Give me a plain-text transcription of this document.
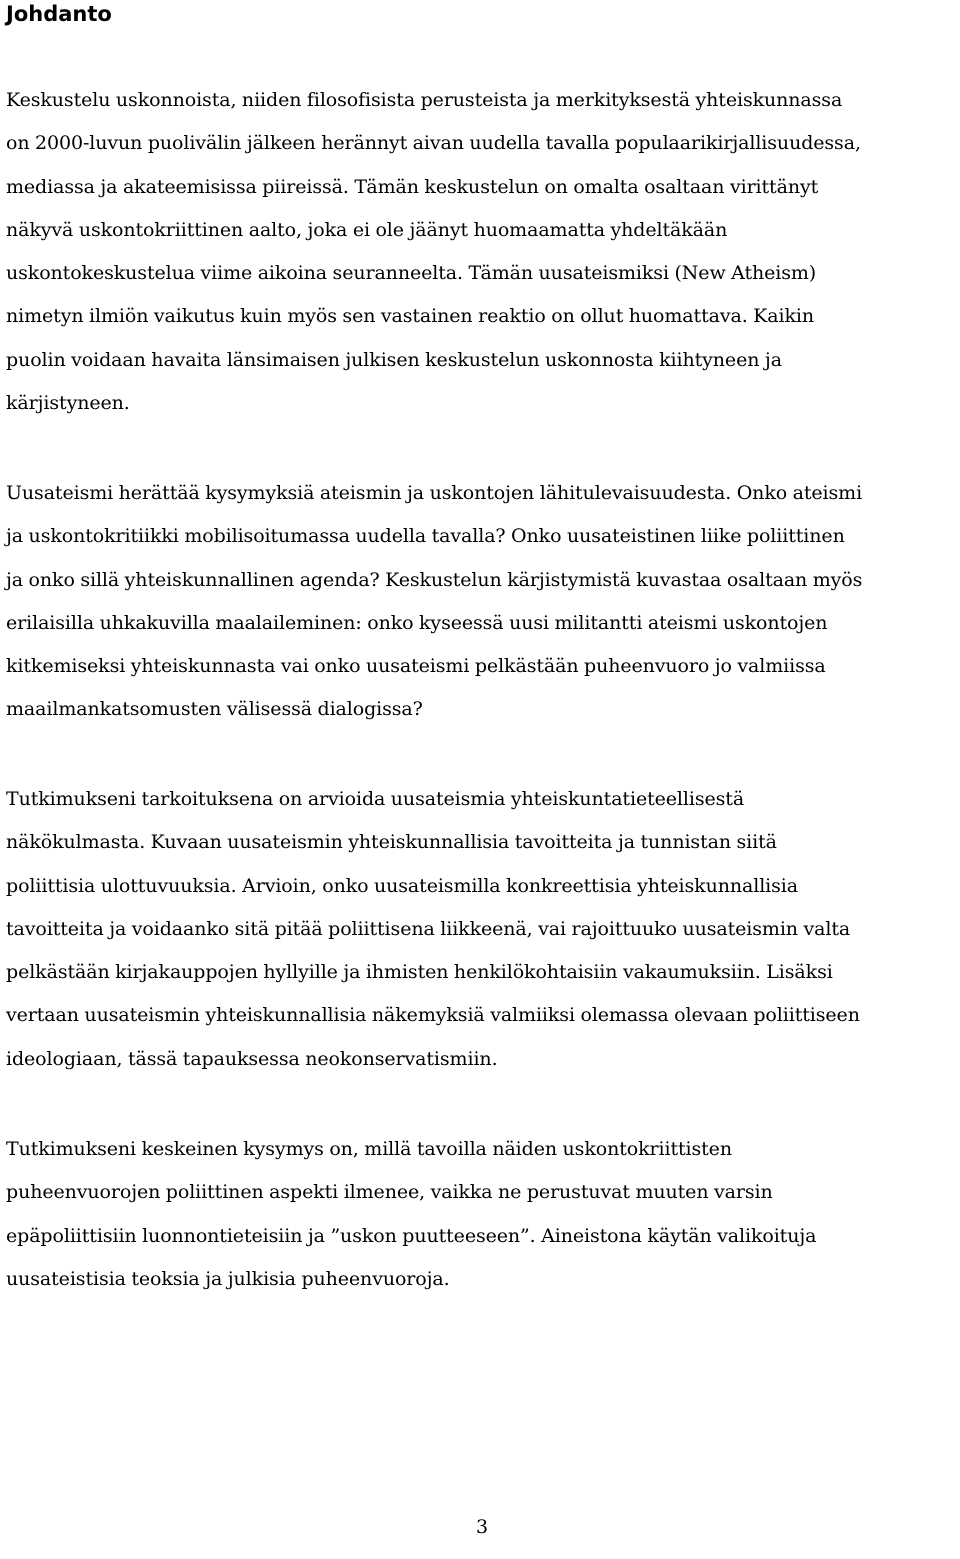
Johdanto

Keskustelu uskonnoista, niiden filosofisista perusteista ja merkityksestä yhteiskunnassa
on 2000-luvun puolivälin jälkeen herännyt aivan uudella tavalla populaarikirjallisuudessa,
mediassa ja akateemisissa piireissä. Tämän keskustelun on omalta osaltaan virittänyt
näkyvä uskontokriittinen aalto, joka ei ole jäänyt huomaamatta yhdeltäkään
uskontokeskustelua viime aikoina seuranneelta. Tämän uusateismiksi (New Atheism)
nimetyn ilmiön vaikutus kuin myös sen vastainen reaktio on ollut huomattava. Kaikin
puolin voidaan havaita länsimaisen julkisen keskustelun uskonnosta kiihtyneen ja
kärjistyneen.

Uusateismi herättää kysymyksiä ateismin ja uskontojen lähitulevaisuudesta. Onko ateismi
ja uskontokritiikki mobilisoitumassa uudella tavalla? Onko uusateistinen liike poliittinen
ja onko sillä yhteiskunnallinen agenda? Keskustelun kärjistymistä kuvastaa osaltaan myös
erilaisilla uhkakuvilla maalaileminen: onko kyseessä uusi militantti ateismi uskontojen
kitkemiseksi yhteiskunnasta vai onko uusateismi pelkästään puheenvuoro jo valmiissa
maailmankatsomusten välisessä dialogissa?

Tutkimukseni tarkoituksena on arvioida uusateismia yhteiskuntatieteellisestä
näkökulmasta. Kuvaan uusateismin yhteiskunnallisia tavoitteita ja tunnistan siitä
poliittisia ulottuvuuksia. Arvioin, onko uusateismilla konkreettisia yhteiskunnallisia
tavoitteita ja voidaanko sitä pitää poliittisena liikkeenä, vai rajoittuuko uusateismin valta
pelkästään kirjakauppojen hyllyille ja ihmisten henkilökohtaisiin vakaumuksiin. Lisäksi
vertaan uusateismin yhteiskunnallisia näkemyksiä valmiiksi olemassa olevaan poliittiseen
ideologiaan, tässä tapauksessa neokonservatismiin.

Tutkimukseni keskeinen kysymys on, millä tavoilla näiden uskontokriittisten
puheenvuorojen poliittinen aspekti ilmenee, vaikka ne perustuvat muuten varsin
epäpoliittisiin luonnontieteisiin ja ”uskon puutteeseen”. Aineistona käytän valikoituja
uusateistisia teoksia ja julkisia puheenvuoroja.

3
